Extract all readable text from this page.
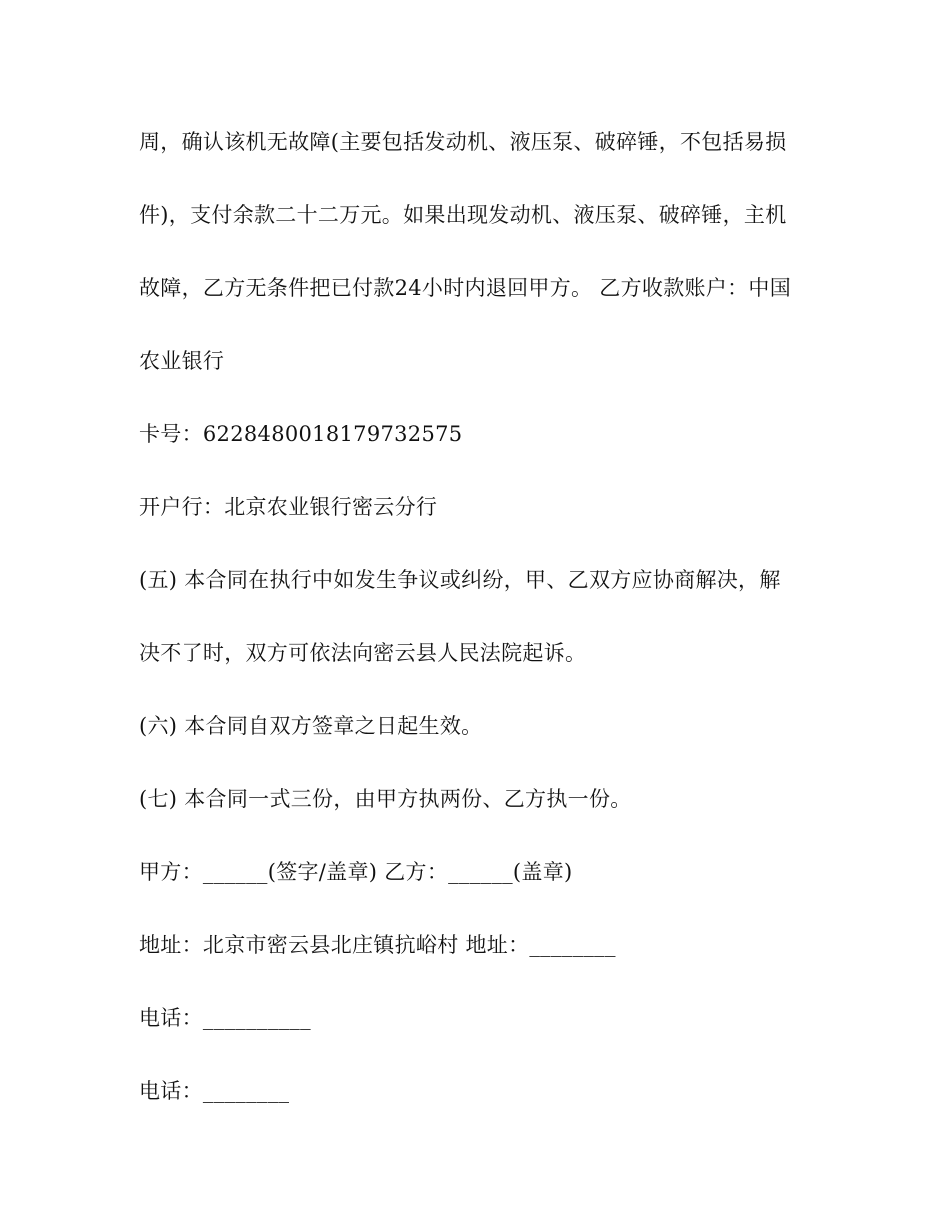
周，确认该机无故障(主要包括发动机、液压泵、破碎锤，不包括易损

件)，支付余款二十二万元。如果出现发动机、液压泵、破碎锤，主机

故障，乙方无条件把已付款24小时内退回甲方。 乙方收款账户：中国

农业银行

卡号：6228480018179732575

开户行：北京农业银行密云分行

(五) 本合同在执行中如发生争议或纠纷，甲、乙双方应协商解决，解

决不了时，双方可依法向密云县人民法院起诉。

(六) 本合同自双方签章之日起生效。

(七) 本合同一式三份，由甲方执两份、乙方执一份。

甲方：______(签字/盖章) 乙方：______(盖章)

地址：北京市密云县北庄镇抗峪村 地址：________

电话：__________

电话：________
